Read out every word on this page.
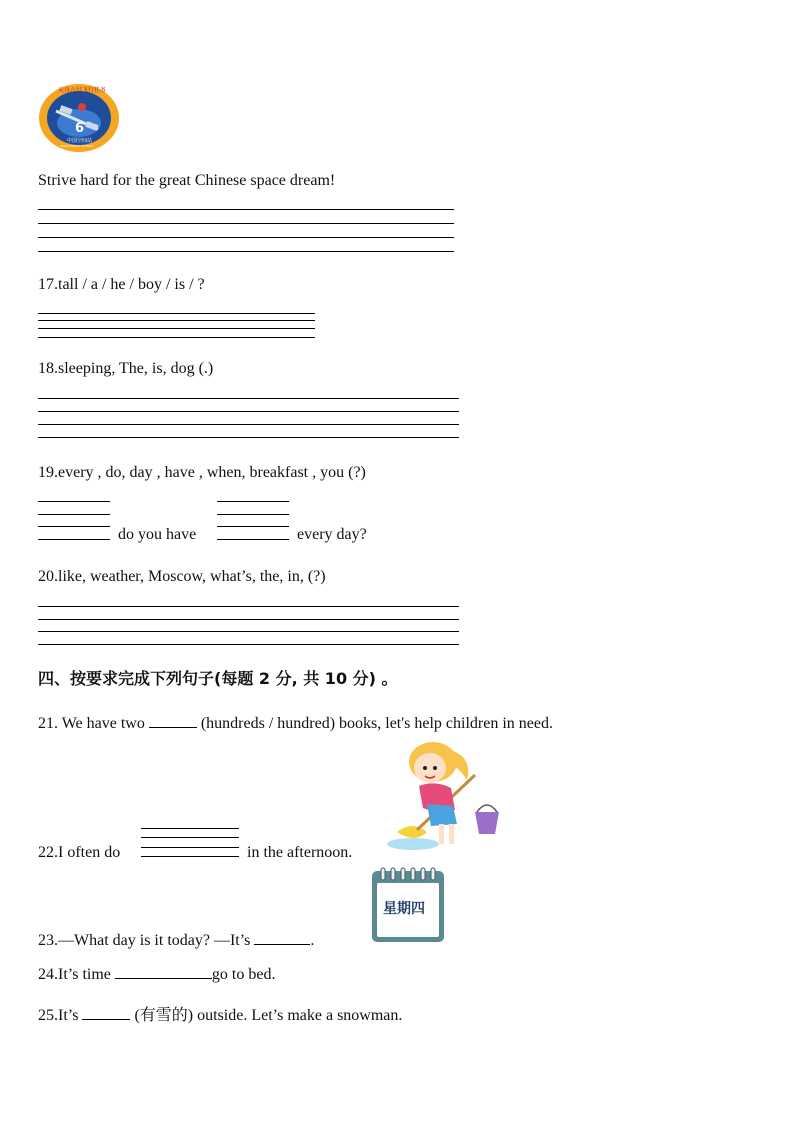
天舟六号飞行任务
6
中国空间站
CHINA SPACE STATION
Strive hard for the great Chinese space dream!
17.tall / a / he / boy / is / ?
18.sleeping, The, is, dog (.)
19.every , do, day , have , when, breakfast , you (?)
do you have	every day?
20.like, weather, Moscow, what’s, the, in, (?)
四、按要求完成下列句子(每题 2 分, 共 10 分) 。
21. We have two	(hundreds / hundred) books, let's help children in need.
22.I often do	in the afternoon.
星期四
23.—What day is it today? —It’s	.
24.It’s time	go to bed.
25.It’s	(有雪的) outside. Let’s make a snowman.
